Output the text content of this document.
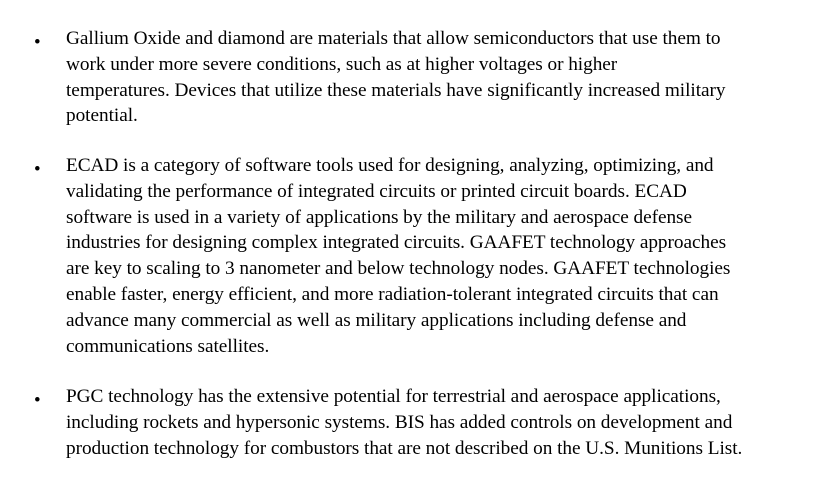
• Gallium Oxide and diamond are materials that allow semiconductors that use them to
work under more severe conditions, such as at higher voltages or higher
temperatures. Devices that utilize these materials have significantly increased military
potential.
• ECAD is a category of software tools used for designing, analyzing, optimizing, and
validating the performance of integrated circuits or printed circuit boards. ECAD
software is used in a variety of applications by the military and aerospace defense
industries for designing complex integrated circuits. GAAFET technology approaches
are key to scaling to 3 nanometer and below technology nodes. GAAFET technologies
enable faster, energy efficient, and more radiation-tolerant integrated circuits that can
advance many commercial as well as military applications including defense and
communications satellites.
• PGC technology has the extensive potential for terrestrial and aerospace applications,
including rockets and hypersonic systems. BIS has added controls on development and
production technology for combustors that are not described on the U.S. Munitions List.
